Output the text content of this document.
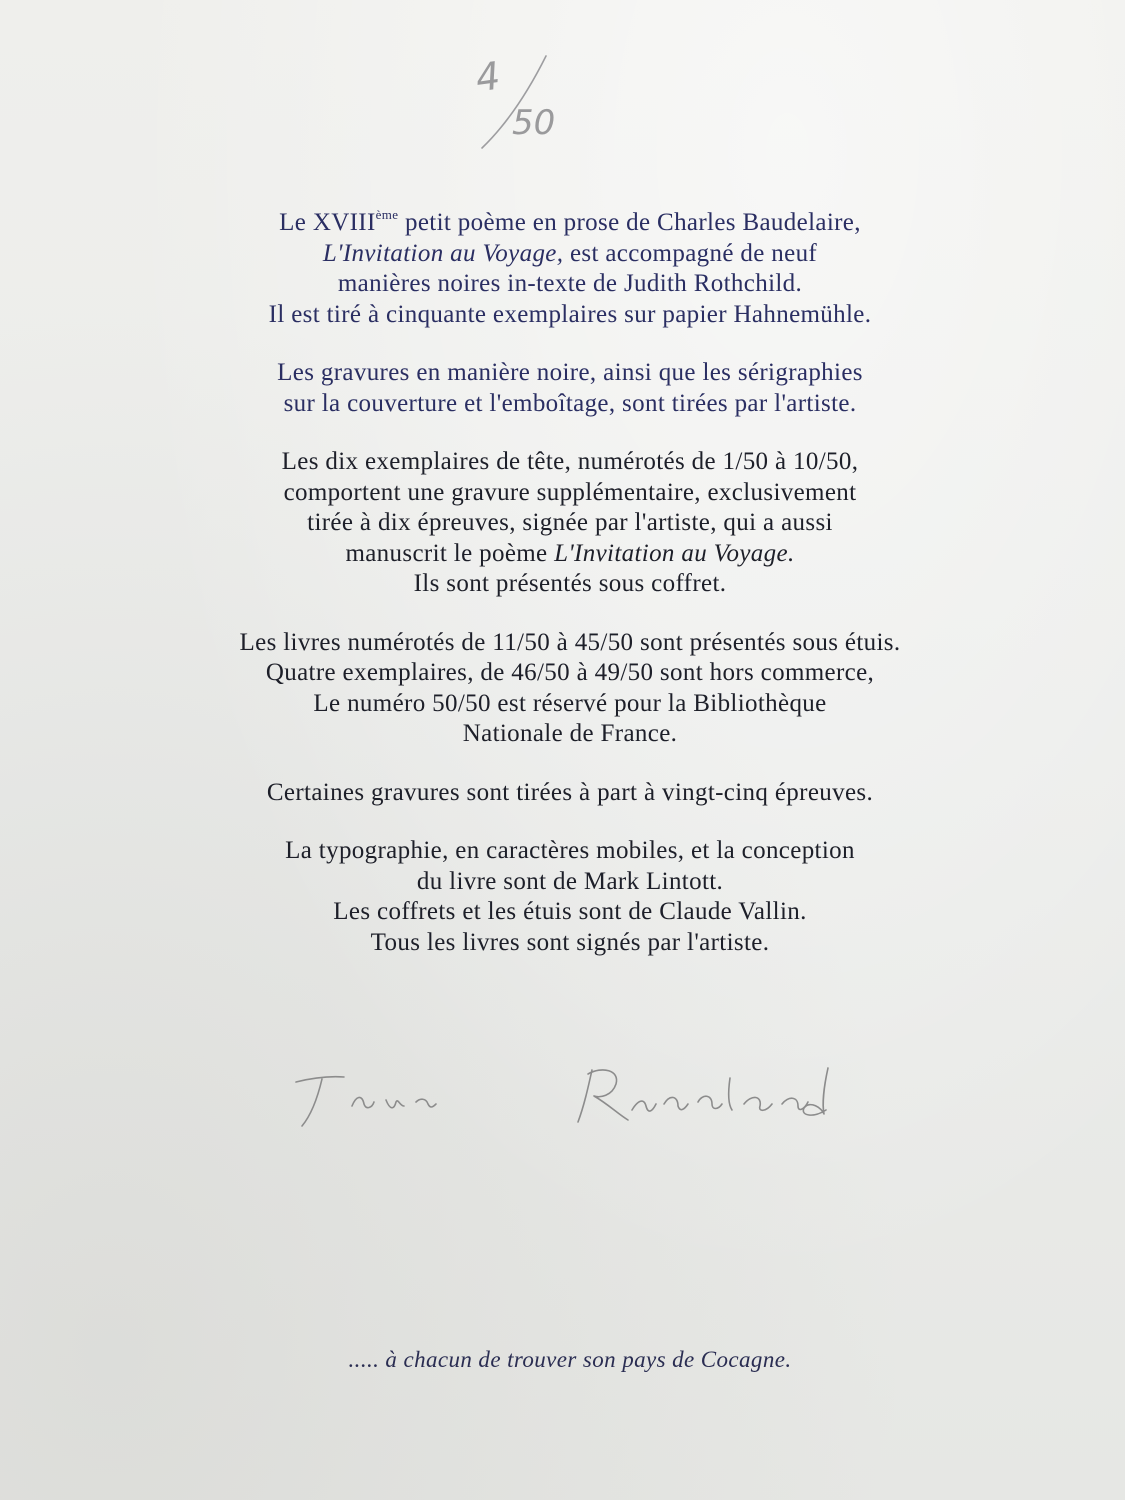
4
50

Le XVIIIème petit poème en prose de Charles Baudelaire,
L'Invitation au Voyage, est accompagné de neuf
manières noires in-texte de Judith Rothchild.
Il est tiré à cinquante exemplaires sur papier Hahnemühle.

Les gravures en manière noire, ainsi que les sérigraphies
sur la couverture et l'emboîtage, sont tirées par l'artiste.

Les dix exemplaires de tête, numérotés de 1/50 à 10/50,
comportent une gravure supplémentaire, exclusivement
tirée à dix épreuves, signée par l'artiste, qui a aussi
manuscrit le poème L'Invitation au Voyage.
Ils sont présentés sous coffret.

Les livres numérotés de 11/50 à 45/50 sont présentés sous étuis.
Quatre exemplaires, de 46/50 à 49/50 sont hors commerce,
Le numéro 50/50 est réservé pour la Bibliothèque
Nationale de France.

Certaines gravures sont tirées à part à vingt-cinq épreuves.

La typographie, en caractères mobiles, et la conception
du livre sont de Mark Lintott.
Les coffrets et les étuis sont de Claude Vallin.
Tous les livres sont signés par l'artiste.

..... à chacun de trouver son pays de Cocagne.
